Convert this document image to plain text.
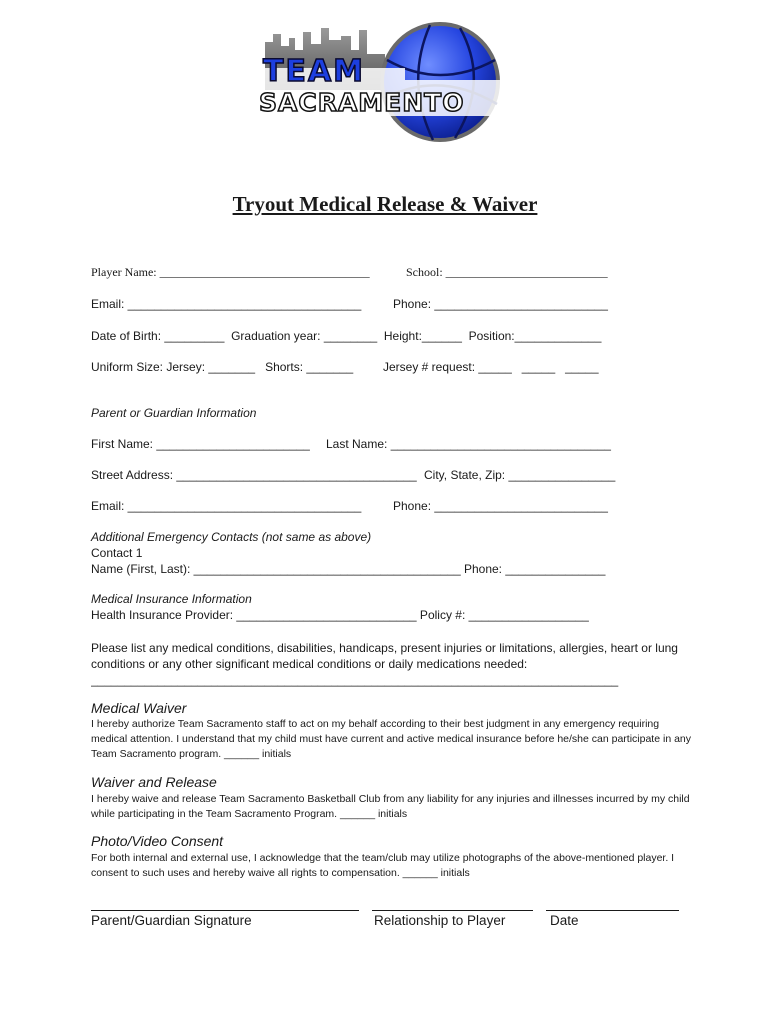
TEAM
SACRAMENTO
Tryout Medical Release & Waiver
Player Name: ___________________________________	School: ___________________________
Email: ___________________________________	Phone: __________________________
Date of Birth: _________  Graduation year: ________  Height:______  Position:_____________
Uniform Size: Jersey: _______   Shorts: _______ Jersey # request: _____   _____   _____
Parent or Guardian Information
First Name: _______________________ Last Name: _________________________________
Street Address: ____________________________________ City, State, Zip: ________________
Email: ___________________________________	Phone: __________________________
Additional Emergency Contacts (not same as above)
Contact 1
Name (First, Last): ________________________________________ Phone: _______________
Medical Insurance Information
Health Insurance Provider: ___________________________ Policy #: __________________
Please list any medical conditions, disabilities, handicaps, present injuries or limitations, allergies, heart or lung conditions or any other significant medical conditions or daily medications needed:
_______________________________________________________________________________
Medical Waiver
I hereby authorize Team Sacramento staff to act on my behalf according to their best judgment in any emergency requiring medical attention. I understand that my child must have current and active medical insurance before he/she can participate in any Team Sacramento program. ______ initials
Waiver and Release
I hereby waive and release Team Sacramento Basketball Club from any liability for any injuries and illnesses incurred by my child while participating in the Team Sacramento Program. ______ initials
Photo/Video Consent
For both internal and external use, I acknowledge that the team/club may utilize photographs of the above-mentioned player. I consent to such uses and hereby waive all rights to compensation. ______ initials
Parent/Guardian Signature	Relationship to Player	Date
